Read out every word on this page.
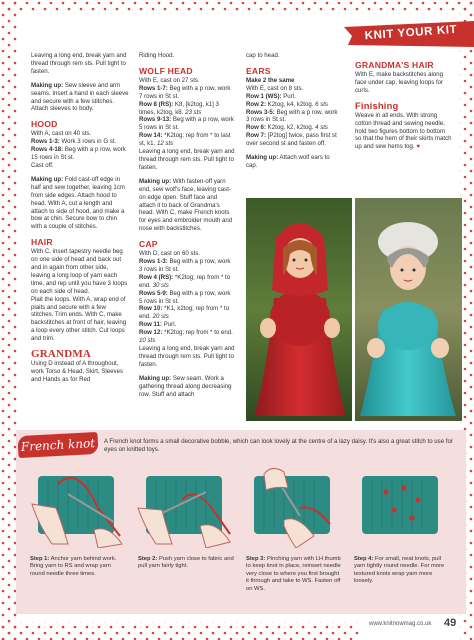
KNIT YOUR KIT

Leaving a long end, break yarn and thread through rem sts. Pull tight to fasten.

Making up: Sew sleeve and arm seams. Insert a hand in each sleeve and secure with a few stitches. Attach sleeves to body.

HOOD
With A, cast on 40 sts.
Rows 1-3: Work 3 rows in G st.
Rows 4-18: Beg with a p row, work 15 rows in St st.

Cast off.

Making up: Fold cast-off edge in half and sew together, leaving 1cm from side edges. Attach hood to head. With A, cut a length and attach to side of hood, and make a bow at chin. Secure bow to chin with a couple of stitches.

HAIR
With C, insert tapestry needle beg on one side of head and back out and in again from other side, leaving a long loop of yarn each time, and rep until you have 3 loops on each side of head.

Plait the loops. With A, wrap end of plaits and secure with a few stitches. Trim ends. With C, make backstitches at front of hair, leaving a loop every other stitch. Cut loops and trim.

GRANDMA
Using D instead of A throughout, work Torso & Head, Skirt, Sleeves and Hands as for Red

Riding Hood.

WOLF HEAD
With E, cast on 27 sts.
Rows 1-7: Beg with a p row, work 7 rows in St st.
Row 8 (RS): K8, [k2tog, k1] 3 times, k2tog, k8. 23 sts
Rows 9-13: Beg with a p row, work 5 rows in St st.
Row 14: *K2tog; rep from * to last st, k1. 12 sts

Leaving a long end, break yarn and thread through rem sts. Pull tight to fasten.

Making up: With fasten-off yarn end, sew wolf's face, leaving cast-on edge open. Stuff face and attach it to back of Grandma's head. With C, make French knots for eyes and embroider mouth and nose with backstitches.

CAP
With D, cast on 60 sts.
Rows 1-3: Beg with a p row, work 3 rows in St st.
Row 4 (RS): *K2tog; rep from * to end. 30 sts
Rows 5-9: Beg with a p row, work 5 rows in St st.
Row 10: *K1, k2tog; rep from * to end. 20 sts
Row 11: Purl.
Row 12: *K2tog; rep from * to end. 10 sts

Leaving a long end, break yarn and thread through rem sts. Pull tight to fasten.

Making up: Sew seam. Work a gathering thread along decreasing row. Stuff and attach

cap to head.

EARS
Make 2 the same
With E, cast on 8 sts.
Row 1 (WS): Purl.
Row 2: K2tog, k4, k2tog. 6 sts
Rows 3-5: Beg with a p row, work 3 rows in St st.
Row 6: K2tog, k2, k2tog. 4 sts

Row 7: [P2tog] twice, pass first st over second st and fasten off.

Making up: Attach wolf ears to cap.
GRANDMA'S HAIR

With E, make backstitches along face under cap, leaving loops for curls.

Finishing
Weave in all ends. With strong cotton thread and sewing needle, hold two figures bottom to bottom so that the hem of their skirts match up and sew hems tog. ♥
French knot	A French knot forms a small decorative bobble, which can look lovely at the centre of a lazy daisy. It's also a great stitch to use for eyes on knitted toys.
Step 1: Anchor yarn behind work. Bring yarn to RS and wrap yarn round needle three times.
Step 2: Push yarn close to fabric and pull yarn fairly tight.
Step 3: Pinching yarn with LH thumb to keep knot in place, reinsert needle very close to where you first brought it through and take to WS. Fasten off on WS.
Step 4: For small, neat knots, pull yarn tightly round needle. For more textured knots wrap yarn more loosely.
www.knitnowmag.co.uk 49
